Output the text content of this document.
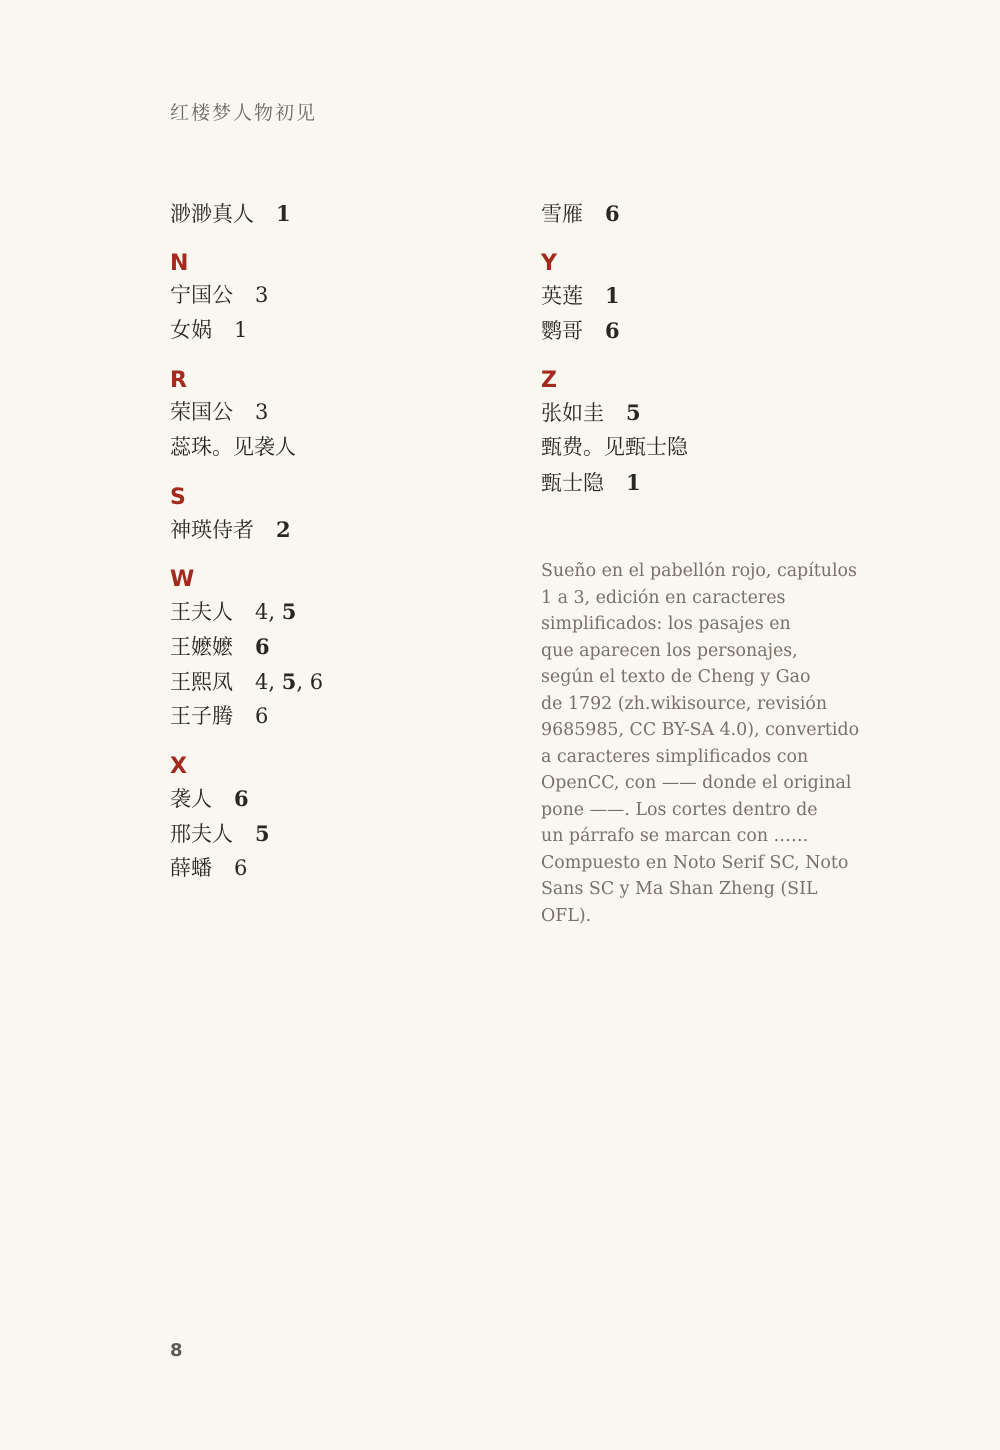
红楼梦人物初见
渺渺真人 1
N
宁国公 3
女娲 1
R
荣国公 3
蕊珠。见袭人
S
神瑛侍者 2
W
王夫人 4, 5
王嬷嬷 6
王熙凤 4, 5, 6
王子腾 6
X
袭人 6
邢夫人 5
薛蟠 6
雪雁 6
Y
英莲 1
鹦哥 6
Z
张如圭 5
甄费。见甄士隐
甄士隐 1
Sueño en el pabellón rojo, capítulos
1 a 3, edición en caracteres
simplificados: los pasajes en
que aparecen los personajes,
según el texto de Cheng y Gao
de 1792 (zh.wikisource, revisión
9685985, CC BY-SA 4.0), convertido
a caracteres simplificados con
OpenCC, con —— donde el original
pone ——. Los cortes dentro de
un párrafo se marcan con ……
Compuesto en Noto Serif SC, Noto
Sans SC y Ma Shan Zheng (SIL OFL).
8
